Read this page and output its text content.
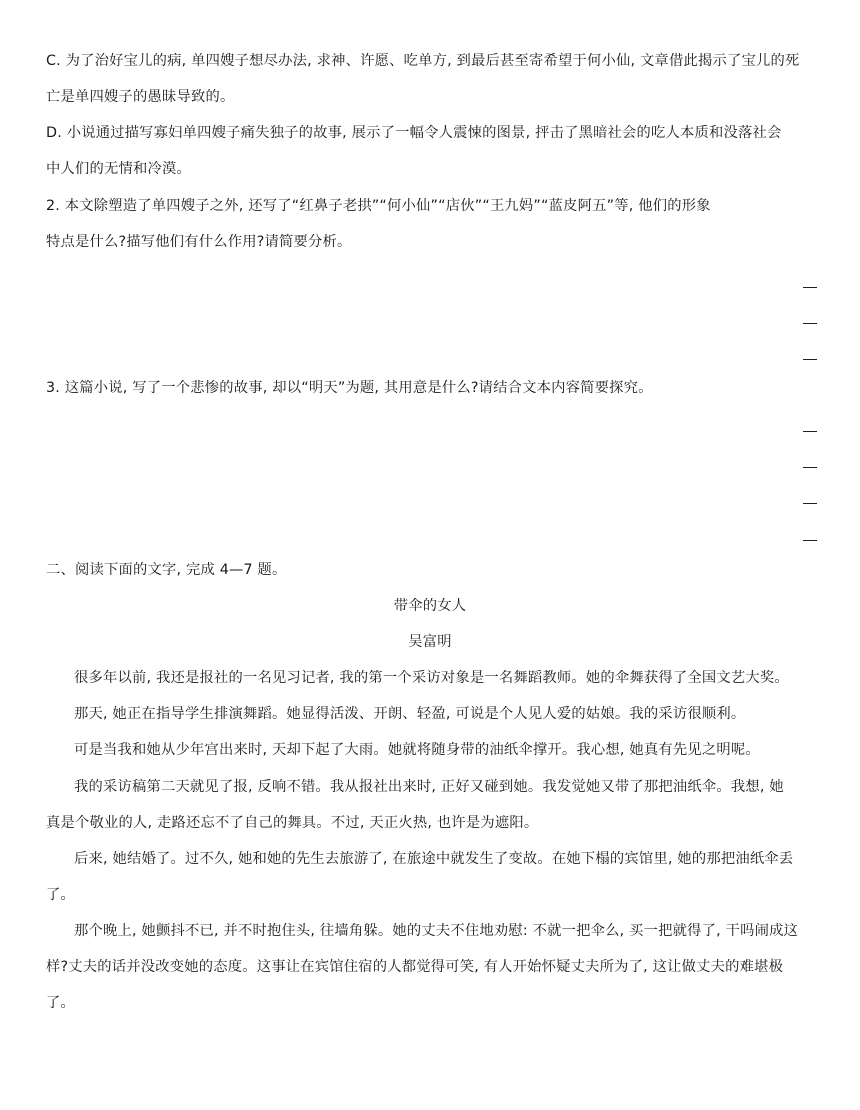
C. 为了治好宝儿的病, 单四嫂子想尽办法, 求神、许愿、吃单方, 到最后甚至寄希望于何小仙, 文章借此揭示了宝儿的死
亡是单四嫂子的愚昧导致的。
D. 小说通过描写寡妇单四嫂子痛失独子的故事, 展示了一幅令人震悚的图景, 抨击了黑暗社会的吃人本质和没落社会
中人们的无情和冷漠。
2. 本文除塑造了单四嫂子之外, 还写了“红鼻子老拱”“何小仙”“店伙”“王九妈”“蓝皮阿五”等, 他们的形象
特点是什么?描写他们有什么作用?请简要分析。
3. 这篇小说, 写了一个悲惨的故事, 却以“明天”为题, 其用意是什么?请结合文本内容简要探究。
二、阅读下面的文字, 完成 4—7 题。
带伞的女人
吴富明
很多年以前, 我还是报社的一名见习记者, 我的第一个采访对象是一名舞蹈教师。她的伞舞获得了全国文艺大奖。
那天, 她正在指导学生排演舞蹈。她显得活泼、开朗、轻盈, 可说是个人见人爱的姑娘。我的采访很顺利。
可是当我和她从少年宫出来时, 天却下起了大雨。她就将随身带的油纸伞撑开。我心想, 她真有先见之明呢。
我的采访稿第二天就见了报, 反响不错。我从报社出来时, 正好又碰到她。我发觉她又带了那把油纸伞。我想, 她
真是个敬业的人, 走路还忘不了自己的舞具。不过, 天正火热, 也许是为遮阳。
后来, 她结婚了。过不久, 她和她的先生去旅游了, 在旅途中就发生了变故。在她下榻的宾馆里, 她的那把油纸伞丢
了。
那个晚上, 她颤抖不已, 并不时抱住头, 往墙角躲。她的丈夫不住地劝慰: 不就一把伞么, 买一把就得了, 干吗闹成这
样?丈夫的话并没改变她的态度。这事让在宾馆住宿的人都觉得可笑, 有人开始怀疑丈夫所为了, 这让做丈夫的难堪极
了。
